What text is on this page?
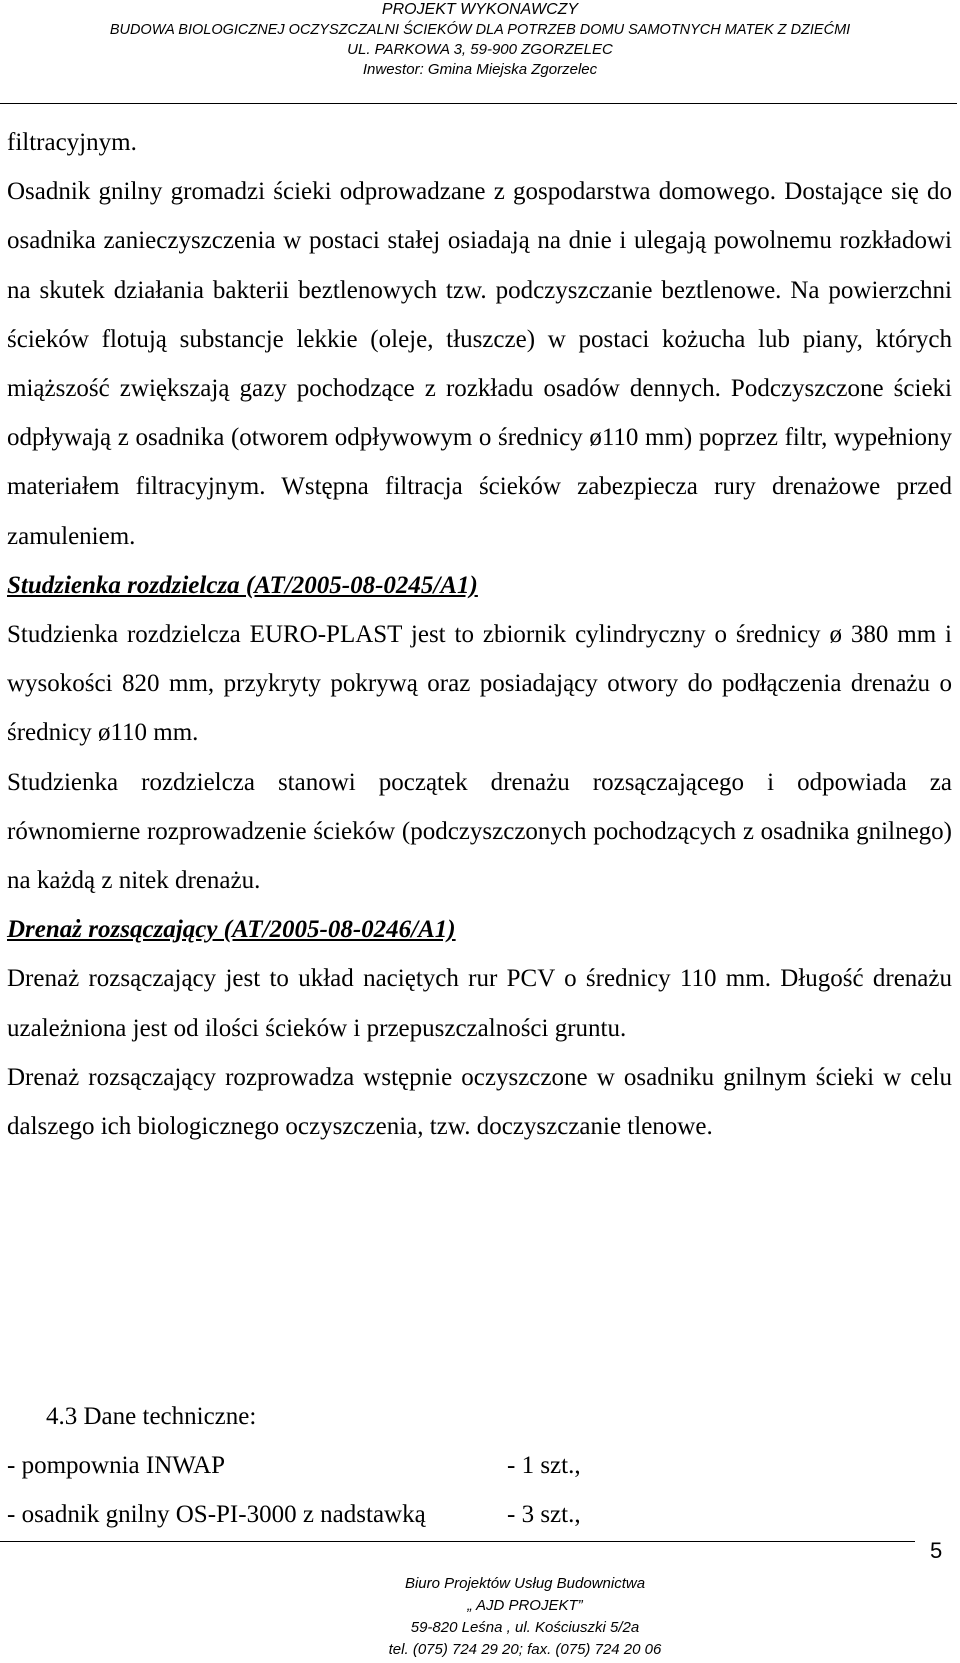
PROJEKT WYKONAWCZY
BUDOWA BIOLOGICZNEJ OCZYSZCZALNI ŚCIEKÓW DLA POTRZEB DOMU SAMOTNYCH MATEK Z DZIEĆMI
UL. PARKOWA 3, 59-900 ZGORZELEC
Inwestor: Gmina Miejska Zgorzelec

filtracyjnym.

Osadnik gnilny gromadzi ścieki odprowadzane z gospodarstwa domowego. Dostające się do osadnika zanieczyszczenia w postaci stałej osiadają na dnie i ulegają powolnemu rozkładowi na skutek działania bakterii beztlenowych tzw. podczyszczanie beztlenowe. Na powierzchni ścieków flotują substancje lekkie (oleje, tłuszcze) w postaci kożucha lub piany, których miąższość zwiększają gazy pochodzące z rozkładu osadów dennych. Podczyszczone ścieki odpływają z osadnika (otworem odpływowym o średnicy ø110 mm) poprzez filtr, wypełniony materiałem filtracyjnym. Wstępna filtracja ścieków zabezpiecza rury drenażowe przed zamuleniem.

Studzienka rozdzielcza (AT/2005-08-0245/A1)

Studzienka rozdzielcza EURO-PLAST jest to zbiornik cylindryczny o średnicy ø 380 mm i wysokości 820 mm, przykryty pokrywą oraz posiadający otwory do podłączenia drenażu o średnicy ø110 mm.

Studzienka rozdzielcza stanowi początek drenażu rozsączającego i odpowiada za równomierne rozprowadzenie ścieków (podczyszczonych pochodzących z osadnika gnilnego) na każdą z nitek drenażu.

Drenaż rozsączający (AT/2005-08-0246/A1)

Drenaż rozsączający jest to układ naciętych rur PCV o średnicy 110 mm. Długość drenażu uzależniona jest od ilości ścieków i przepuszczalności gruntu.

Drenaż rozsączający rozprowadza wstępnie oczyszczone w osadniku gnilnym ścieki w celu dalszego ich biologicznego oczyszczenia, tzw. doczyszczanie tlenowe.

4.3 Dane techniczne:
- pompownia INWAP	- 1 szt.,
- osadnik gnilny OS-PI-3000 z nadstawką	- 3 szt.,
5
Biuro Projektów Usług Budownictwa
„ AJD PROJEKT”
59-820 Leśna , ul. Kościuszki 5/2a
tel. (075) 724 29 20; fax. (075) 724 20 06
